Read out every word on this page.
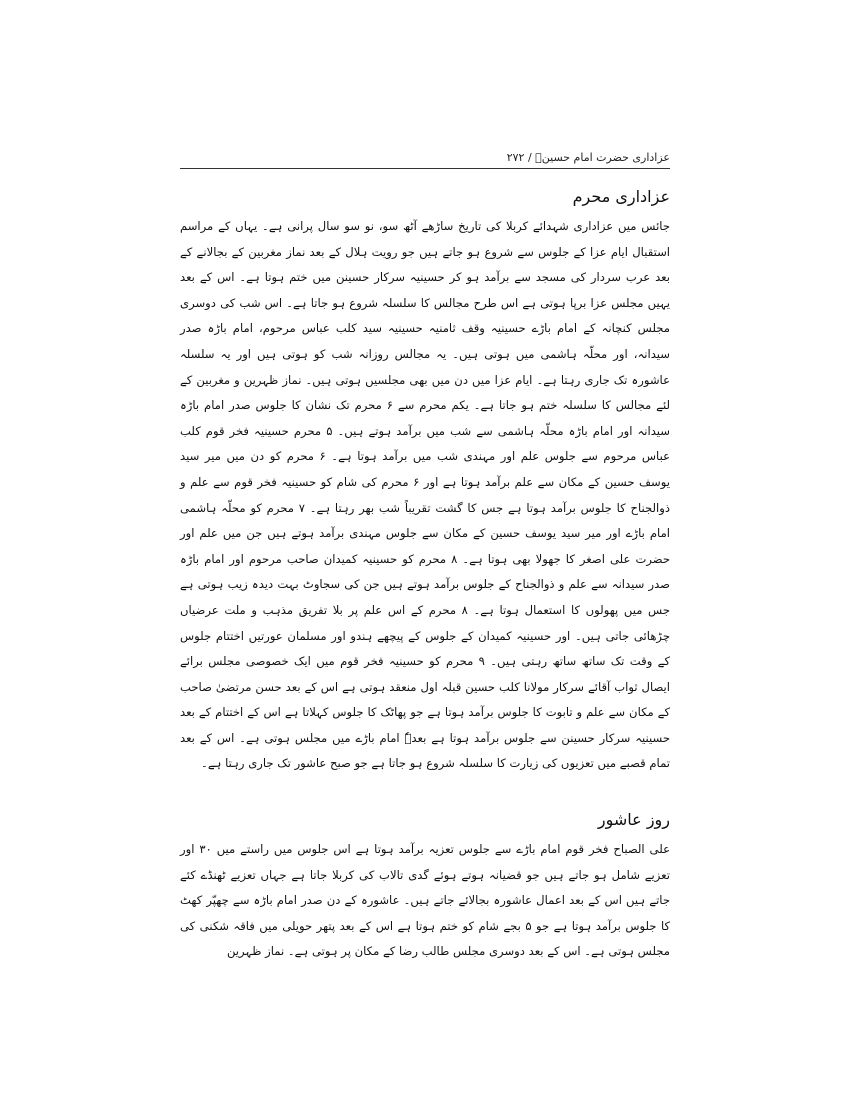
عزاداری حضرت امام حسینؑ / ۲۷۲
عزاداری محرم

جائس میں عزاداری شہدائے کربلا کی تاریخ ساڑھے آٹھ سو، نو سو سال پرانی ہے۔ یہاں کے مراسم استقبال ایام عزا کے جلوس سے شروع ہو جاتے ہیں جو رویت ہلال کے بعد نماز مغربین کے بجالانے کے بعد عرب سردار کی مسجد سے برآمد ہو کر حسینیہ سرکار حسینن میں ختم ہوتا ہے۔ اس کے بعد یہیں مجلس عزا برپا ہوتی ہے اس طرح مجالس کا سلسلہ شروع ہو جاتا ہے۔ اس شب کی دوسری مجلس کنچانہ کے امام باڑے حسینیہ وقف ثامنیہ حسینیہ سید کلب عباس مرحوم، امام باڑہ صدر سیدانہ، اور محلّہ ہاشمی میں ہوتی ہیں۔ یہ مجالس روزانہ شب کو ہوتی ہیں اور یہ سلسلہ عاشورہ تک جاری رہتا ہے۔ ایام عزا میں دن میں بھی مجلسیں ہوتی ہیں۔ نماز ظہرین و مغربین کے لئے مجالس کا سلسلہ ختم ہو جاتا ہے۔ یکم محرم سے ۶ محرم تک نشان کا جلوس صدر امام باڑہ سیدانہ اور امام باڑہ محلّہ ہاشمی سے شب میں برآمد ہوتے ہیں۔ ۵ محرم حسینیہ فخر قوم کلب عباس مرحوم سے جلوس علم اور مہندی شب میں برآمد ہوتا ہے۔ ۶ محرم کو دن میں میر سید یوسف حسین کے مکان سے علم برآمد ہوتا ہے اور ۶ محرم کی شام کو حسینیہ فخر قوم سے علم و ذوالجناح کا جلوس برآمد ہوتا ہے جس کا گشت تقریباً شب بھر رہتا ہے۔ ۷ محرم کو محلّہ ہاشمی امام باڑے اور میر سید یوسف حسین کے مکان سے جلوس مہندی برآمد ہوتے ہیں جن میں علم اور حضرت علی اصغر کا جھولا بھی ہوتا ہے۔ ۸ محرم کو حسینیہ کمیدان صاحب مرحوم اور امام باڑہ صدر سیدانہ سے علم و ذوالجناح کے جلوس برآمد ہوتے ہیں جن کی سجاوٹ بہت دیدہ زیب ہوتی ہے جس میں پھولوں کا استعمال ہوتا ہے۔ ۸ محرم کے اس علم پر بلا تفریق مذہب و ملت عرضیاں چڑھائی جاتی ہیں۔ اور حسینیہ کمیدان کے جلوس کے پیچھے ہندو اور مسلمان عورتیں اختتام جلوس کے وقت تک ساتھ ساتھ رہتی ہیں۔ ۹ محرم کو حسینیہ فخر قوم میں ایک خصوصی مجلس برائے ایصال ثواب آقائے سرکار مولانا کلب حسین قبلہ اول منعقد ہوتی ہے اس کے بعد حسن مرتضیٰ صاحب کے مکان سے علم و تابوت کا جلوس برآمد ہوتا ہے جو پھاٹک کا جلوس کہلاتا ہے اس کے اختتام کے بعد حسینیہ سرکار حسینن سے جلوس برآمد ہوتا ہے بعدہٗ امام باڑے میں مجلس ہوتی ہے۔ اس کے بعد تمام قصبے میں تعزیوں کی زیارت کا سلسلہ شروع ہو جاتا ہے جو صبح عاشور تک جاری رہتا ہے۔

روز عاشور

علی الصباح فخر قوم امام باڑے سے جلوس تعزیہ برآمد ہوتا ہے اس جلوس میں راستے میں ۳۰ اور تعزیے شامل ہو جاتے ہیں جو قضیانہ ہوتے ہوئے گدی تالاب کی کربلا جاتا ہے جہاں تعزیے ٹھنڈے کئے جاتے ہیں اس کے بعد اعمال عاشورہ بجالائے جاتے ہیں۔ عاشورہ کے دن صدر امام باڑہ سے چھپّر کھٹ کا جلوس برآمد ہوتا ہے جو ۵ بجے شام کو ختم ہوتا ہے اس کے بعد پتھر حویلی میں فاقہ شکنی کی مجلس ہوتی ہے۔ اس کے بعد دوسری مجلس طالب رضا کے مکان پر ہوتی ہے۔ نماز ظہرین
